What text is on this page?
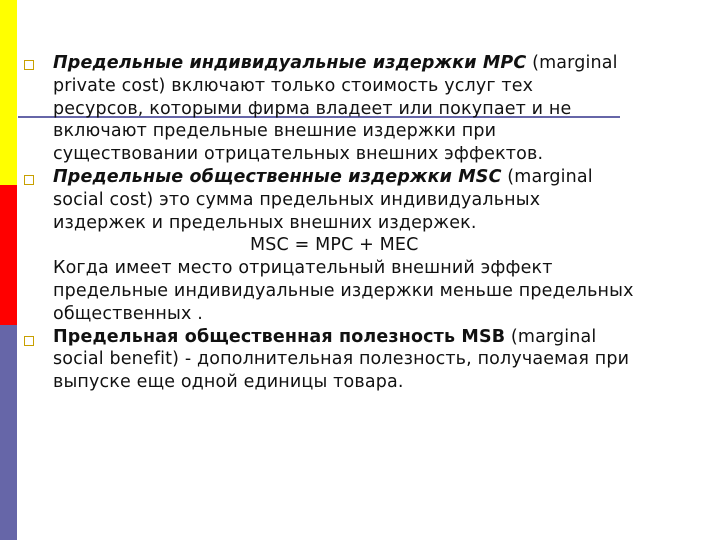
Предельные индивидуальные издержки MPC (marginal
private cost) включают только стоимость услуг тех
ресурсов, которыми фирма владеет или покупает и не
включают предельные внешние издержки при
существовании отрицательных внешних эффектов.
Предельные общественные издержки MSC (marginal
social cost) это сумма предельных индивидуальных
издержек и предельных внешних издержек.
MSC = MPC + MEC
Когда имеет место отрицательный внешний эффект
предельные индивидуальные издержки меньше предельных
общественных .
Предельная общественная полезность MSB (marginal
social benefit) - дополнительная полезность, получаемая при
выпуске еще одной единицы товара.
